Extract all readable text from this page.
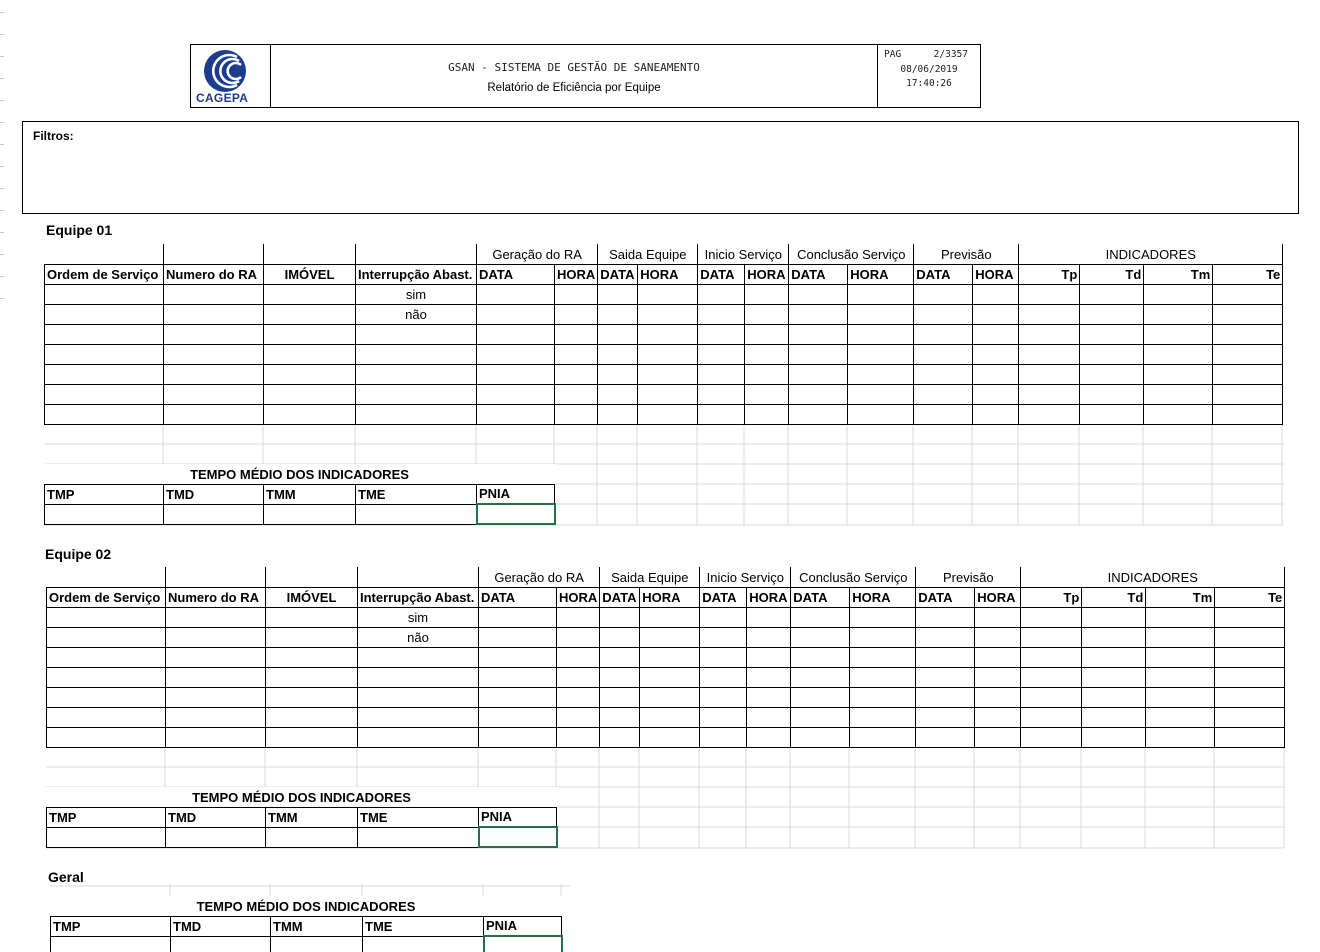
CAGEPA
GSAN - SISTEMA DE GESTÃO DE SANEAMENTO
Relatório de Eficiência por Equipe
PAG	2/3357
08/06/2019
17:40:26
Filtros:
Equipe 01
				Geração do RA		Saida Equipe		Inicio Serviço		Conclusão Serviço		Previsão		INDICADORES			
Ordem de Serviço	Numero do RA	IMÓVEL	Interrupção Abast.	DATA	HORA	DATA	HORA	DATA	HORA	DATA	HORA	DATA	HORA	Tp	Td	Tm	Te
			sim														
			não														

TEMPO MÉDIO DOS INDICADORES				
TMP	TMD	TMM	TME	PNIA

Equipe 02
				Geração do RA		Saida Equipe		Inicio Serviço		Conclusão Serviço		Previsão		INDICADORES			
Ordem de Serviço	Numero do RA	IMÓVEL	Interrupção Abast.	DATA	HORA	DATA	HORA	DATA	HORA	DATA	HORA	DATA	HORA	Tp	Td	Tm	Te
			sim														
			não														

TEMPO MÉDIO DOS INDICADORES				
TMP	TMD	TMM	TME	PNIA

Geral
TEMPO MÉDIO DOS INDICADORES				
TMP	TMD	TMM	TME	PNIA
